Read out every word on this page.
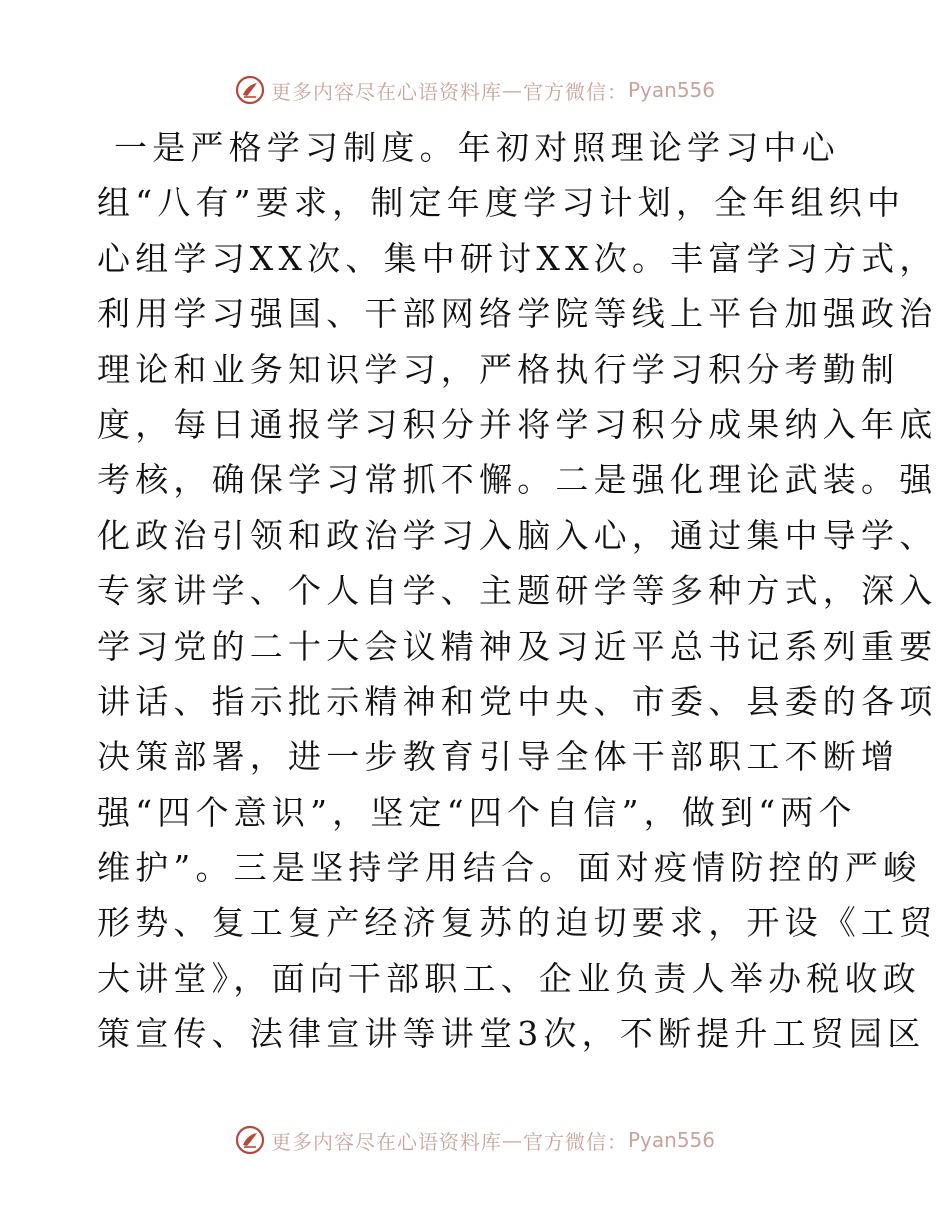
更多内容尽在心语资料库 — 官方微信： Pyan556
一是严格学习制度。年初对照理论学习中心
组“八有”要求，制定年度学习计划，全年组织中
心组学习XX次、集中研讨XX次。丰富学习方式，
利用学习强国、干部网络学院等线上平台加强政治
理论和业务知识学习，严格执行学习积分考勤制
度，每日通报学习积分并将学习积分成果纳入年底
考核，确保学习常抓不懈。二是强化理论武装。强
化政治引领和政治学习入脑入心，通过集中导学、
专家讲学、个人自学、主题研学等多种方式，深入
学习党的二十大会议精神及习近平总书记系列重要
讲话、指示批示精神和党中央、市委、县委的各项
决策部署，进一步教育引导全体干部职工不断增
强“四个意识”，坚定“四个自信”，做到“两个
维护”。三是坚持学用结合。面对疫情防控的严峻
形势、复工复产经济复苏的迫切要求，开设《工贸
大讲堂》，面向干部职工、企业负责人举办税收政
策宣传、法律宣讲等讲堂3次，不断提升工贸园区
更多内容尽在心语资料库 — 官方微信： Pyan556
